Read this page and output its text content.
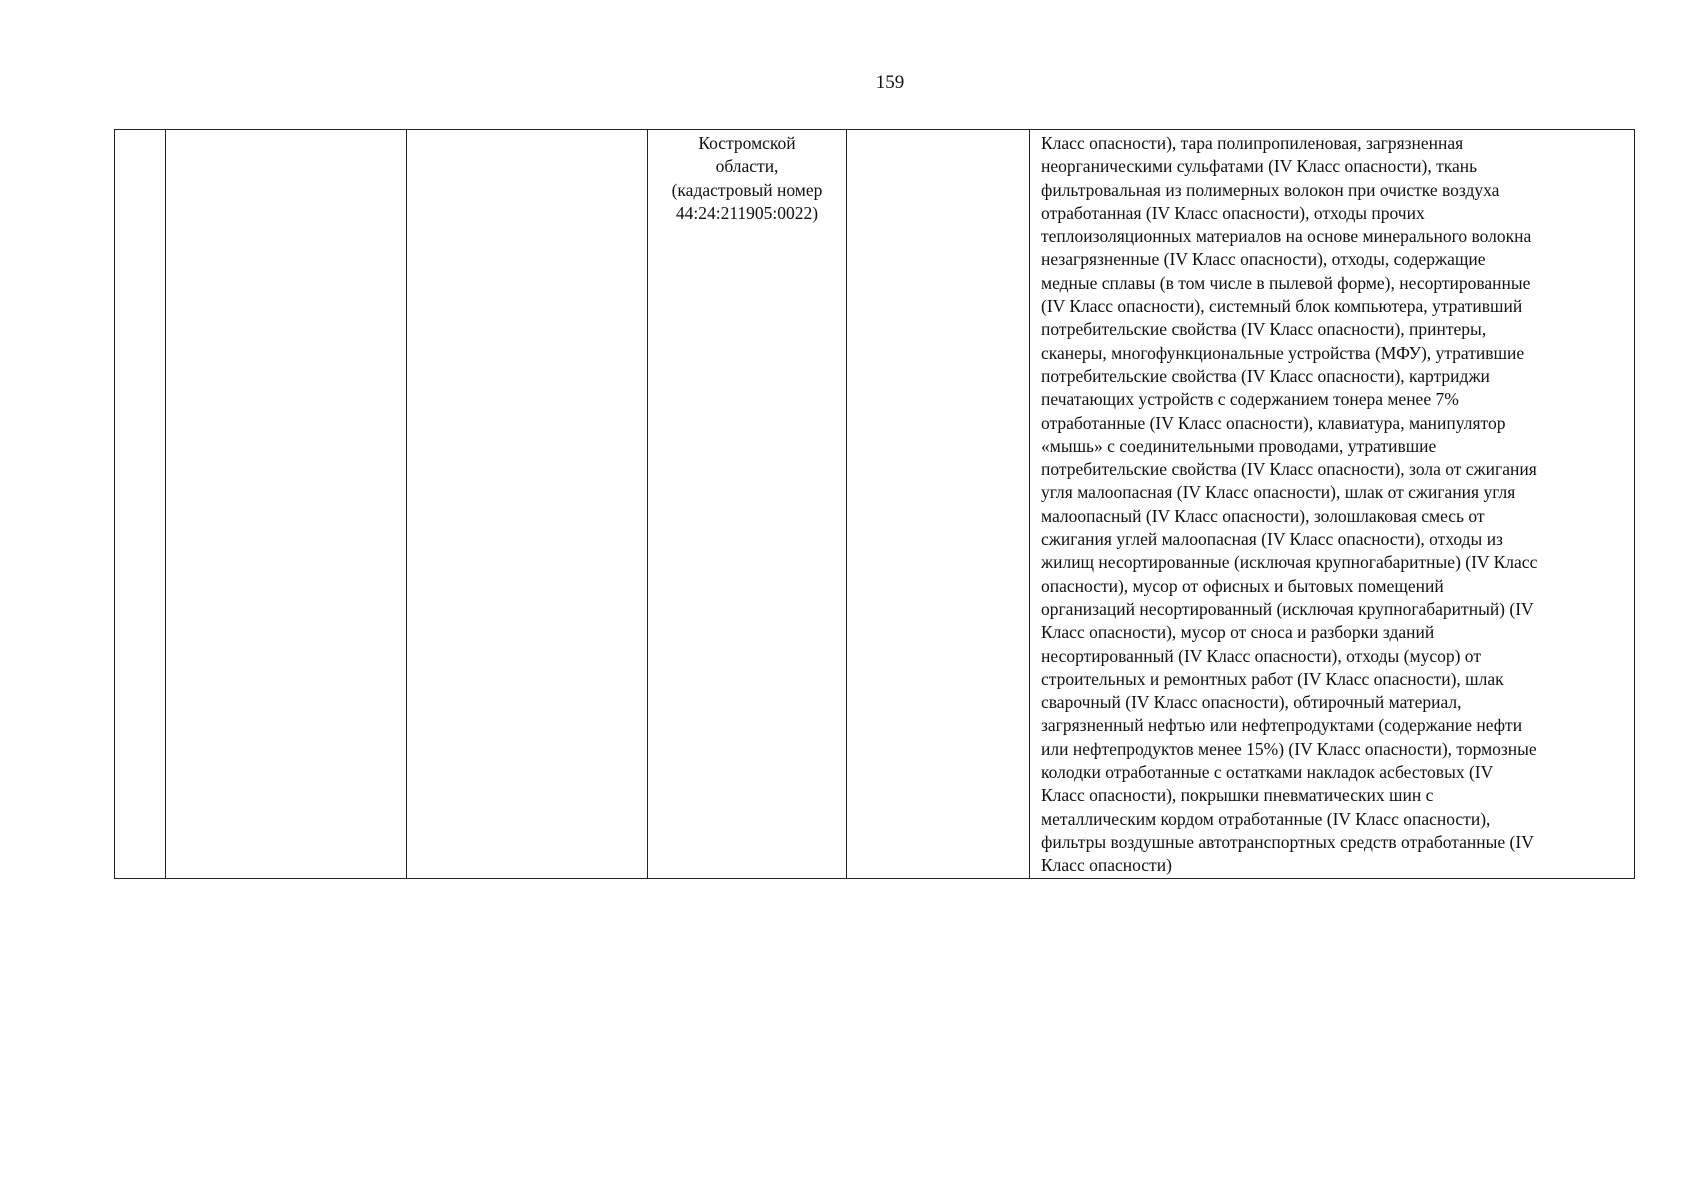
159

Костромской
области,
(кадастровый номер
44:24:211905:0022)

Класс опасности), тара полипропиленовая, загрязненная
неорганическими сульфатами (IV Класс опасности), ткань
фильтровальная из полимерных волокон при очистке воздуха
отработанная (IV Класс опасности), отходы прочих
теплоизоляционных материалов на основе минерального волокна
незагрязненные (IV Класс опасности), отходы, содержащие
медные сплавы (в том числе в пылевой форме), несортированные
(IV Класс опасности), системный блок компьютера, утративший
потребительские свойства (IV Класс опасности), принтеры,
сканеры, многофункциональные устройства (МФУ), утратившие
потребительские свойства (IV Класс опасности), картриджи
печатающих устройств с содержанием тонера менее 7%
отработанные (IV Класс опасности), клавиатура, манипулятор
«мышь» с соединительными проводами, утратившие
потребительские свойства (IV Класс опасности), зола от сжигания
угля малоопасная (IV Класс опасности), шлак от сжигания угля
малоопасный (IV Класс опасности), золошлаковая смесь от
сжигания углей малоопасная (IV Класс опасности), отходы из
жилищ несортированные (исключая крупногабаритные) (IV Класс
опасности), мусор от офисных и бытовых помещений
организаций несортированный (исключая крупногабаритный) (IV
Класс опасности), мусор от сноса и разборки зданий
несортированный (IV Класс опасности), отходы (мусор) от
строительных и ремонтных работ (IV Класс опасности), шлак
сварочный (IV Класс опасности), обтирочный материал,
загрязненный нефтью или нефтепродуктами (содержание нефти
или нефтепродуктов менее 15%) (IV Класс опасности), тормозные
колодки отработанные с остатками накладок асбестовых (IV
Класс опасности), покрышки пневматических шин с
металлическим кордом отработанные (IV Класс опасности),
фильтры воздушные автотранспортных средств отработанные (IV
Класс опасности)
